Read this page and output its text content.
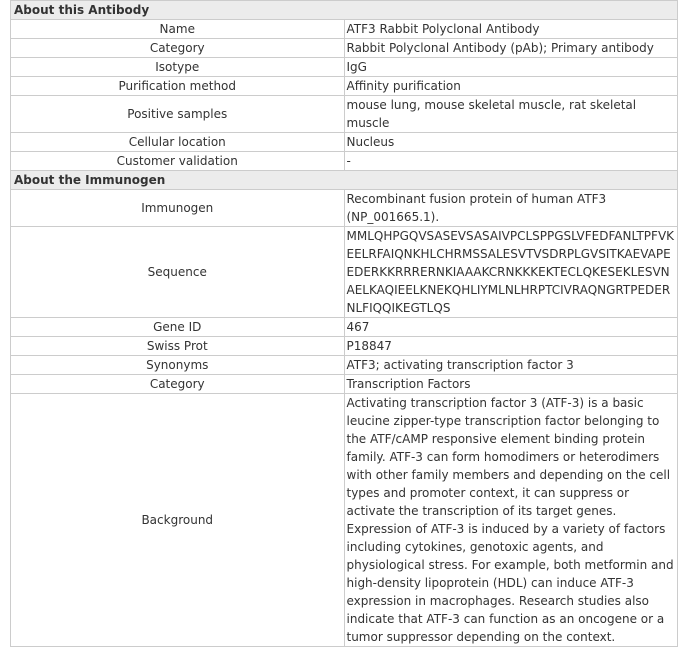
About this Antibody	
Name	ATF3 Rabbit Polyclonal Antibody
Category	Rabbit Polyclonal Antibody (pAb); Primary antibody
Isotype	IgG
Purification method	Affinity purification
Positive samples	mouse lung, mouse skeletal muscle, rat skeletal muscle
Cellular location	Nucleus
Customer validation	-
About the Immunogen	
Immunogen	Recombinant fusion protein of human ATF3 (NP_001665.1).
Sequence	MMLQHPGQVSASEVSASAIVPCLSPPGSLVFEDFANLTPFVKEELRFAIQNKHLCHRMSSALESVTVSDRPLGVSITKAEVAPEEDERKKRRRERNKIAAAKCRNKKKEKTECLQKESEKLESVNAELKAQIEELKNEKQHLIYMLNLHRPTCIVRAQNGRTPEDERNLFIQQIKEGTLQS
Gene ID	467
Swiss Prot	P18847
Synonyms	ATF3; activating transcription factor 3
Category	Transcription Factors
Background	Activating transcription factor 3 (ATF-3) is a basic leucine zipper-type transcription factor belonging to the ATF/cAMP responsive element binding protein family. ATF-3 can form homodimers or heterodimers with other family members and depending on the cell types and promoter context, it can suppress or activate the transcription of its target genes. Expression of ATF-3 is induced by a variety of factors including cytokines, genotoxic agents, and physiological stress. For example, both metformin and high-density lipoprotein (HDL) can induce ATF-3 expression in macrophages. Research studies also indicate that ATF-3 can function as an oncogene or a tumor suppressor depending on the context.
